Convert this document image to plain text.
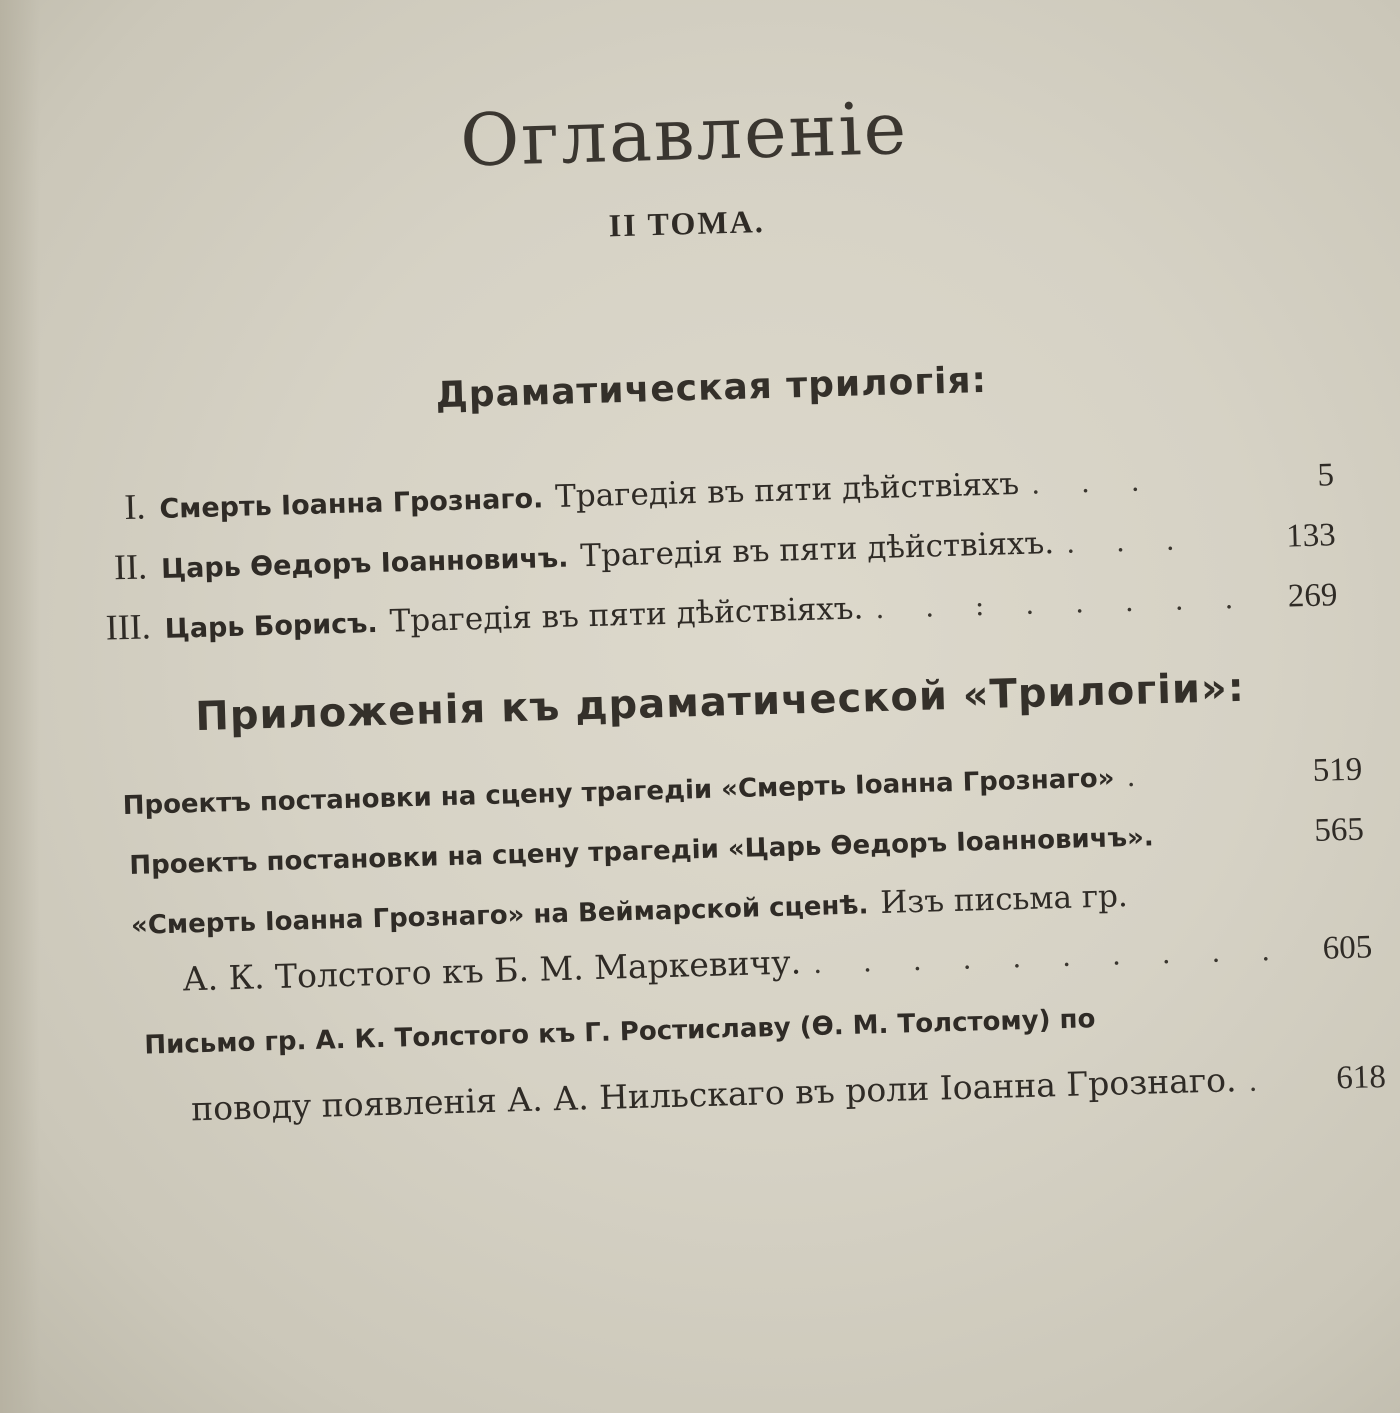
Оглавленіе
II ТОМА.
Драматическая трилогія:
I. Смерть Іоанна Грознаго. Трагедія въ пяти дѣйствіяхъ . . .	5
II. Царь Ѳедоръ Іоанновичъ. Трагедія въ пяти дѣйствіяхъ. . . .	133
III. Царь Борисъ. Трагедія въ пяти дѣйствіяхъ. . . : . . . . .	269
Приложенія къ драматической «Трилогіи»:
Проектъ постановки на сцену трагедіи «Смерть Іоанна Грознаго» .	519
Проектъ постановки на сцену трагедіи «Царь Ѳедоръ Іоанновичъ».	565
«Смерть Іоанна Грознаго» на Веймарской сценѣ. Изъ письма гр.
А. К. Толстого къ Б. М. Маркевичу. . . . . . . . . . .	605
Письмо гр. А. К. Толстого къ Г. Ростиславу (Ѳ. М. Толстому) по
поводу появленія А. А. Нильскаго въ роли Іоанна Грознаго. .	618
